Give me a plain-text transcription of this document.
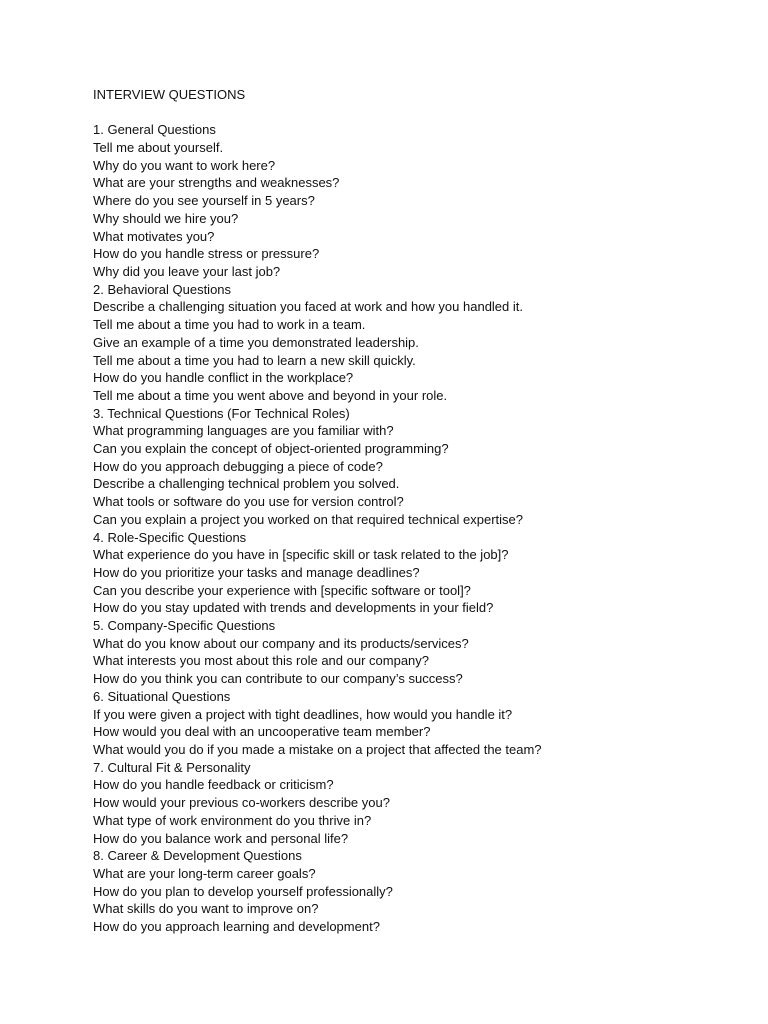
INTERVIEW QUESTIONS
1. General Questions
Tell me about yourself.
Why do you want to work here?
What are your strengths and weaknesses?
Where do you see yourself in 5 years?
Why should we hire you?
What motivates you?
How do you handle stress or pressure?
Why did you leave your last job?
2. Behavioral Questions
Describe a challenging situation you faced at work and how you handled it.
Tell me about a time you had to work in a team.
Give an example of a time you demonstrated leadership.
Tell me about a time you had to learn a new skill quickly.
How do you handle conflict in the workplace?
Tell me about a time you went above and beyond in your role.
3. Technical Questions (For Technical Roles)
What programming languages are you familiar with?
Can you explain the concept of object-oriented programming?
How do you approach debugging a piece of code?
Describe a challenging technical problem you solved.
What tools or software do you use for version control?
Can you explain a project you worked on that required technical expertise?
4. Role-Specific Questions
What experience do you have in [specific skill or task related to the job]?
How do you prioritize your tasks and manage deadlines?
Can you describe your experience with [specific software or tool]?
How do you stay updated with trends and developments in your field?
5. Company-Specific Questions
What do you know about our company and its products/services?
What interests you most about this role and our company?
How do you think you can contribute to our company’s success?
6. Situational Questions
If you were given a project with tight deadlines, how would you handle it?
How would you deal with an uncooperative team member?
What would you do if you made a mistake on a project that affected the team?
7. Cultural Fit & Personality
How do you handle feedback or criticism?
How would your previous co-workers describe you?
What type of work environment do you thrive in?
How do you balance work and personal life?
8. Career & Development Questions
What are your long-term career goals?
How do you plan to develop yourself professionally?
What skills do you want to improve on?
How do you approach learning and development?
